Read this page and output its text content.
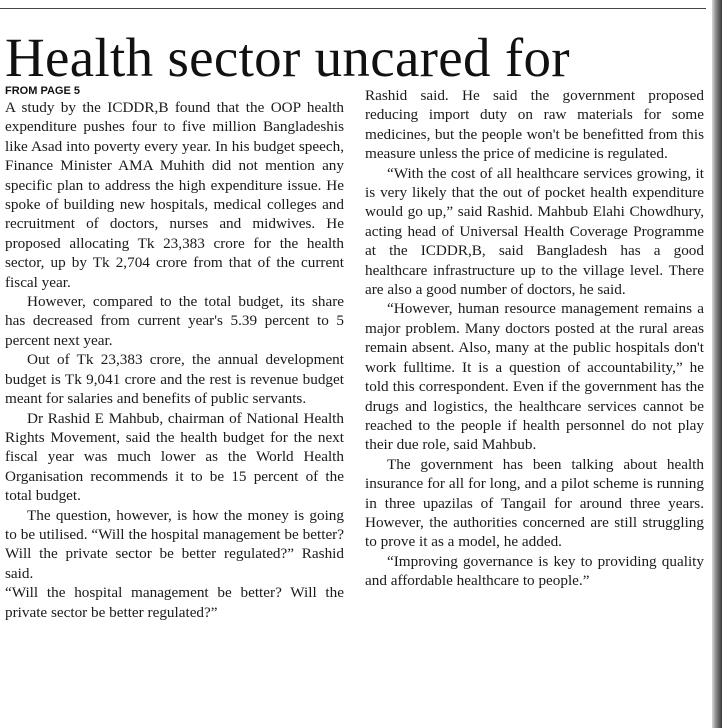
Health sector uncared for
FROM PAGE 5

A study by the ICDDR,B found that the OOP health expenditure pushes four to five million Bangladeshis like Asad into poverty every year. In his budget speech, Finance Minister AMA Muhith did not mention any specific plan to address the high expenditure issue. He spoke of building new hospitals, medical colleges and recruitment of doctors, nurses and midwives. He proposed allocating Tk 23,383 crore for the health sector, up by Tk 2,704 crore from that of the current fiscal year.

However, compared to the total budget, its share has decreased from current year's 5.39 percent to 5 percent next year.

Out of Tk 23,383 crore, the annual development budget is Tk 9,041 crore and the rest is revenue budget meant for salaries and benefits of public servants.

Dr Rashid E Mahbub, chairman of National Health Rights Movement, said the health budget for the next fiscal year was much lower as the World Health Organisation recommends it to be 15 percent of the total budget.

The question, however, is how the money is going to be utilised. “Will the hospital management be better? Will the private sector be better regulated?” Rashid said.

“Will the hospital management be better? Will the private sector be better regulated?”

Rashid said. He said the government proposed reducing import duty on raw materials for some medicines, but the people won't be benefitted from this measure unless the price of medicine is regulated.

“With the cost of all healthcare services growing, it is very likely that the out of pocket health expenditure would go up,” said Rashid. Mahbub Elahi Chowdhury, acting head of Universal Health Coverage Programme at the ICDDR,B, said Bangladesh has a good healthcare infrastructure up to the village level. There are also a good number of doctors, he said.

“However, human resource management remains a major problem. Many doctors posted at the rural areas remain absent. Also, many at the public hospitals don't work fulltime. It is a question of accountability,” he told this correspondent. Even if the government has the drugs and logistics, the healthcare services cannot be reached to the people if health personnel do not play their due role, said Mahbub.

The government has been talking about health insurance for all for long, and a pilot scheme is running in three upazilas of Tangail for around three years. However, the authorities concerned are still struggling to prove it as a model, he added.

“Improving governance is key to providing quality and affordable healthcare to people.”
